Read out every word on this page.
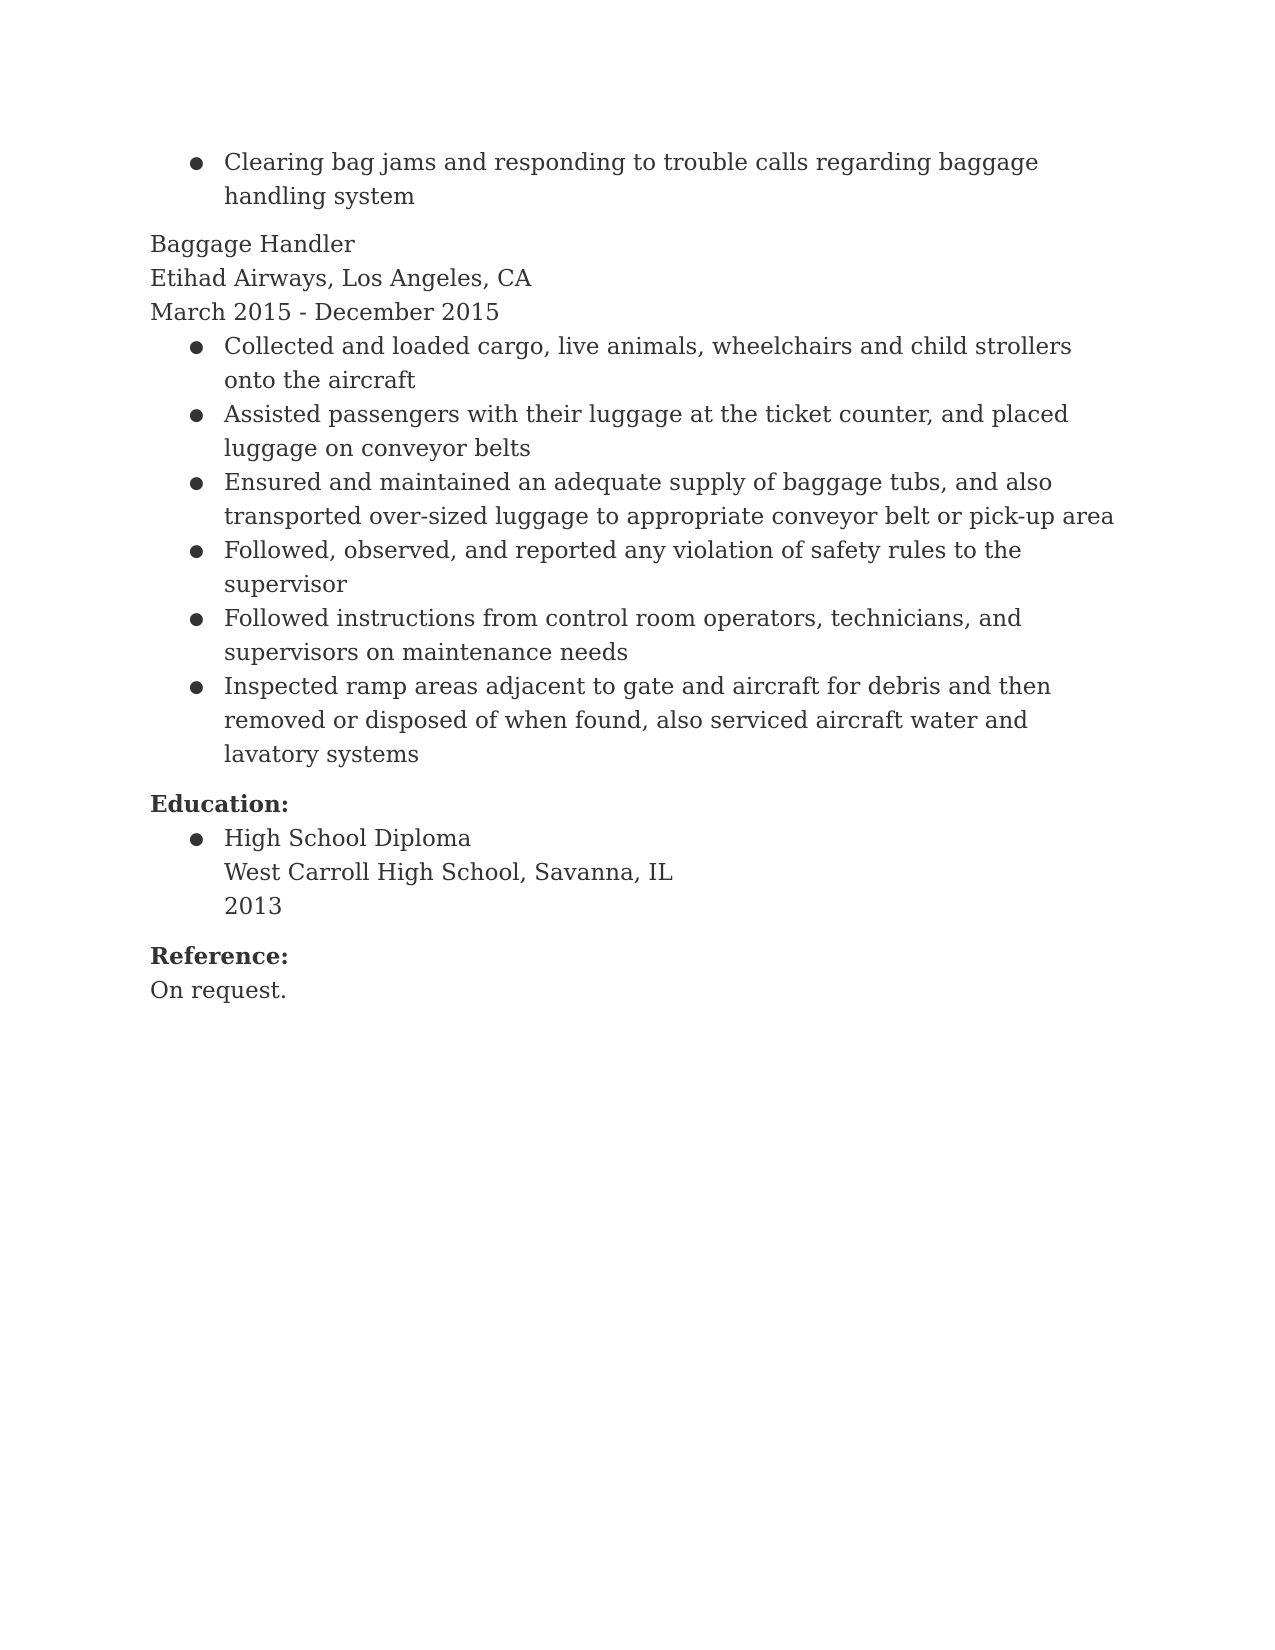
● Clearing bag jams and responding to trouble calls regarding baggage handling system
Baggage Handler
Etihad Airways, Los Angeles, CA
March 2015 - December 2015
● Collected and loaded cargo, live animals, wheelchairs and child strollers onto the aircraft
● Assisted passengers with their luggage at the ticket counter, and placed luggage on conveyor belts
● Ensured and maintained an adequate supply of baggage tubs, and also transported over-sized luggage to appropriate conveyor belt or pick-up area
● Followed, observed, and reported any violation of safety rules to the supervisor
● Followed instructions from control room operators, technicians, and supervisors on maintenance needs
● Inspected ramp areas adjacent to gate and aircraft for debris and then removed or disposed of when found, also serviced aircraft water and lavatory systems
Education:
● High School Diploma
West Carroll High School, Savanna, IL
2013
Reference:
On request.
